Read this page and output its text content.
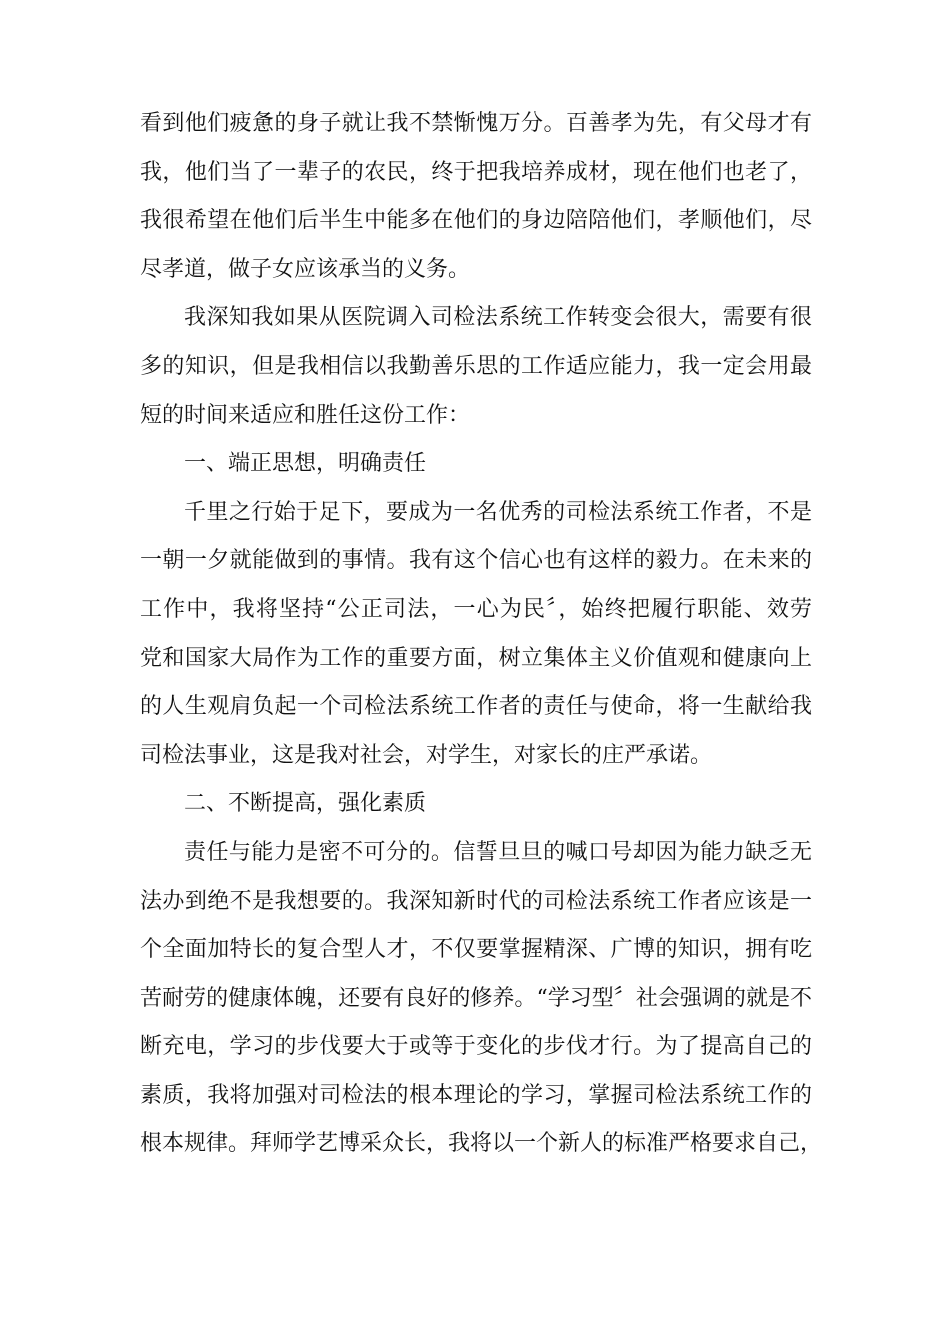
看到他们疲惫的身子就让我不禁惭愧万分。百善孝为先，有父母才有
我，他们当了一辈子的农民，终于把我培养成材，现在他们也老了，
我很希望在他们后半生中能多在他们的身边陪陪他们，孝顺他们，尽
尽孝道，做子女应该承当的义务。
我深知我如果从医院调入司检法系统工作转变会很大，需要有很
多的知识，但是我相信以我勤善乐思的工作适应能力，我一定会用最
短的时间来适应和胜任这份工作：
一、端正思想，明确责任
千里之行始于足下，要成为一名优秀的司检法系统工作者，不是
一朝一夕就能做到的事情。我有这个信心也有这样的毅力。在未来的
工作中，我将坚持“公正司法，一心为民〞，始终把履行职能、效劳
党和国家大局作为工作的重要方面，树立集体主义价值观和健康向上
的人生观肩负起一个司检法系统工作者的责任与使命，将一生献给我
司检法事业，这是我对社会，对学生，对家长的庄严承诺。
二、不断提高，强化素质
责任与能力是密不可分的。信誓旦旦的喊口号却因为能力缺乏无
法办到绝不是我想要的。我深知新时代的司检法系统工作者应该是一
个全面加特长的复合型人才，不仅要掌握精深、广博的知识，拥有吃
苦耐劳的健康体魄，还要有良好的修养。“学习型〞社会强调的就是不
断充电，学习的步伐要大于或等于变化的步伐才行。为了提高自己的
素质，我将加强对司检法的根本理论的学习，掌握司检法系统工作的
根本规律。拜师学艺博采众长，我将以一个新人的标准严格要求自己，
